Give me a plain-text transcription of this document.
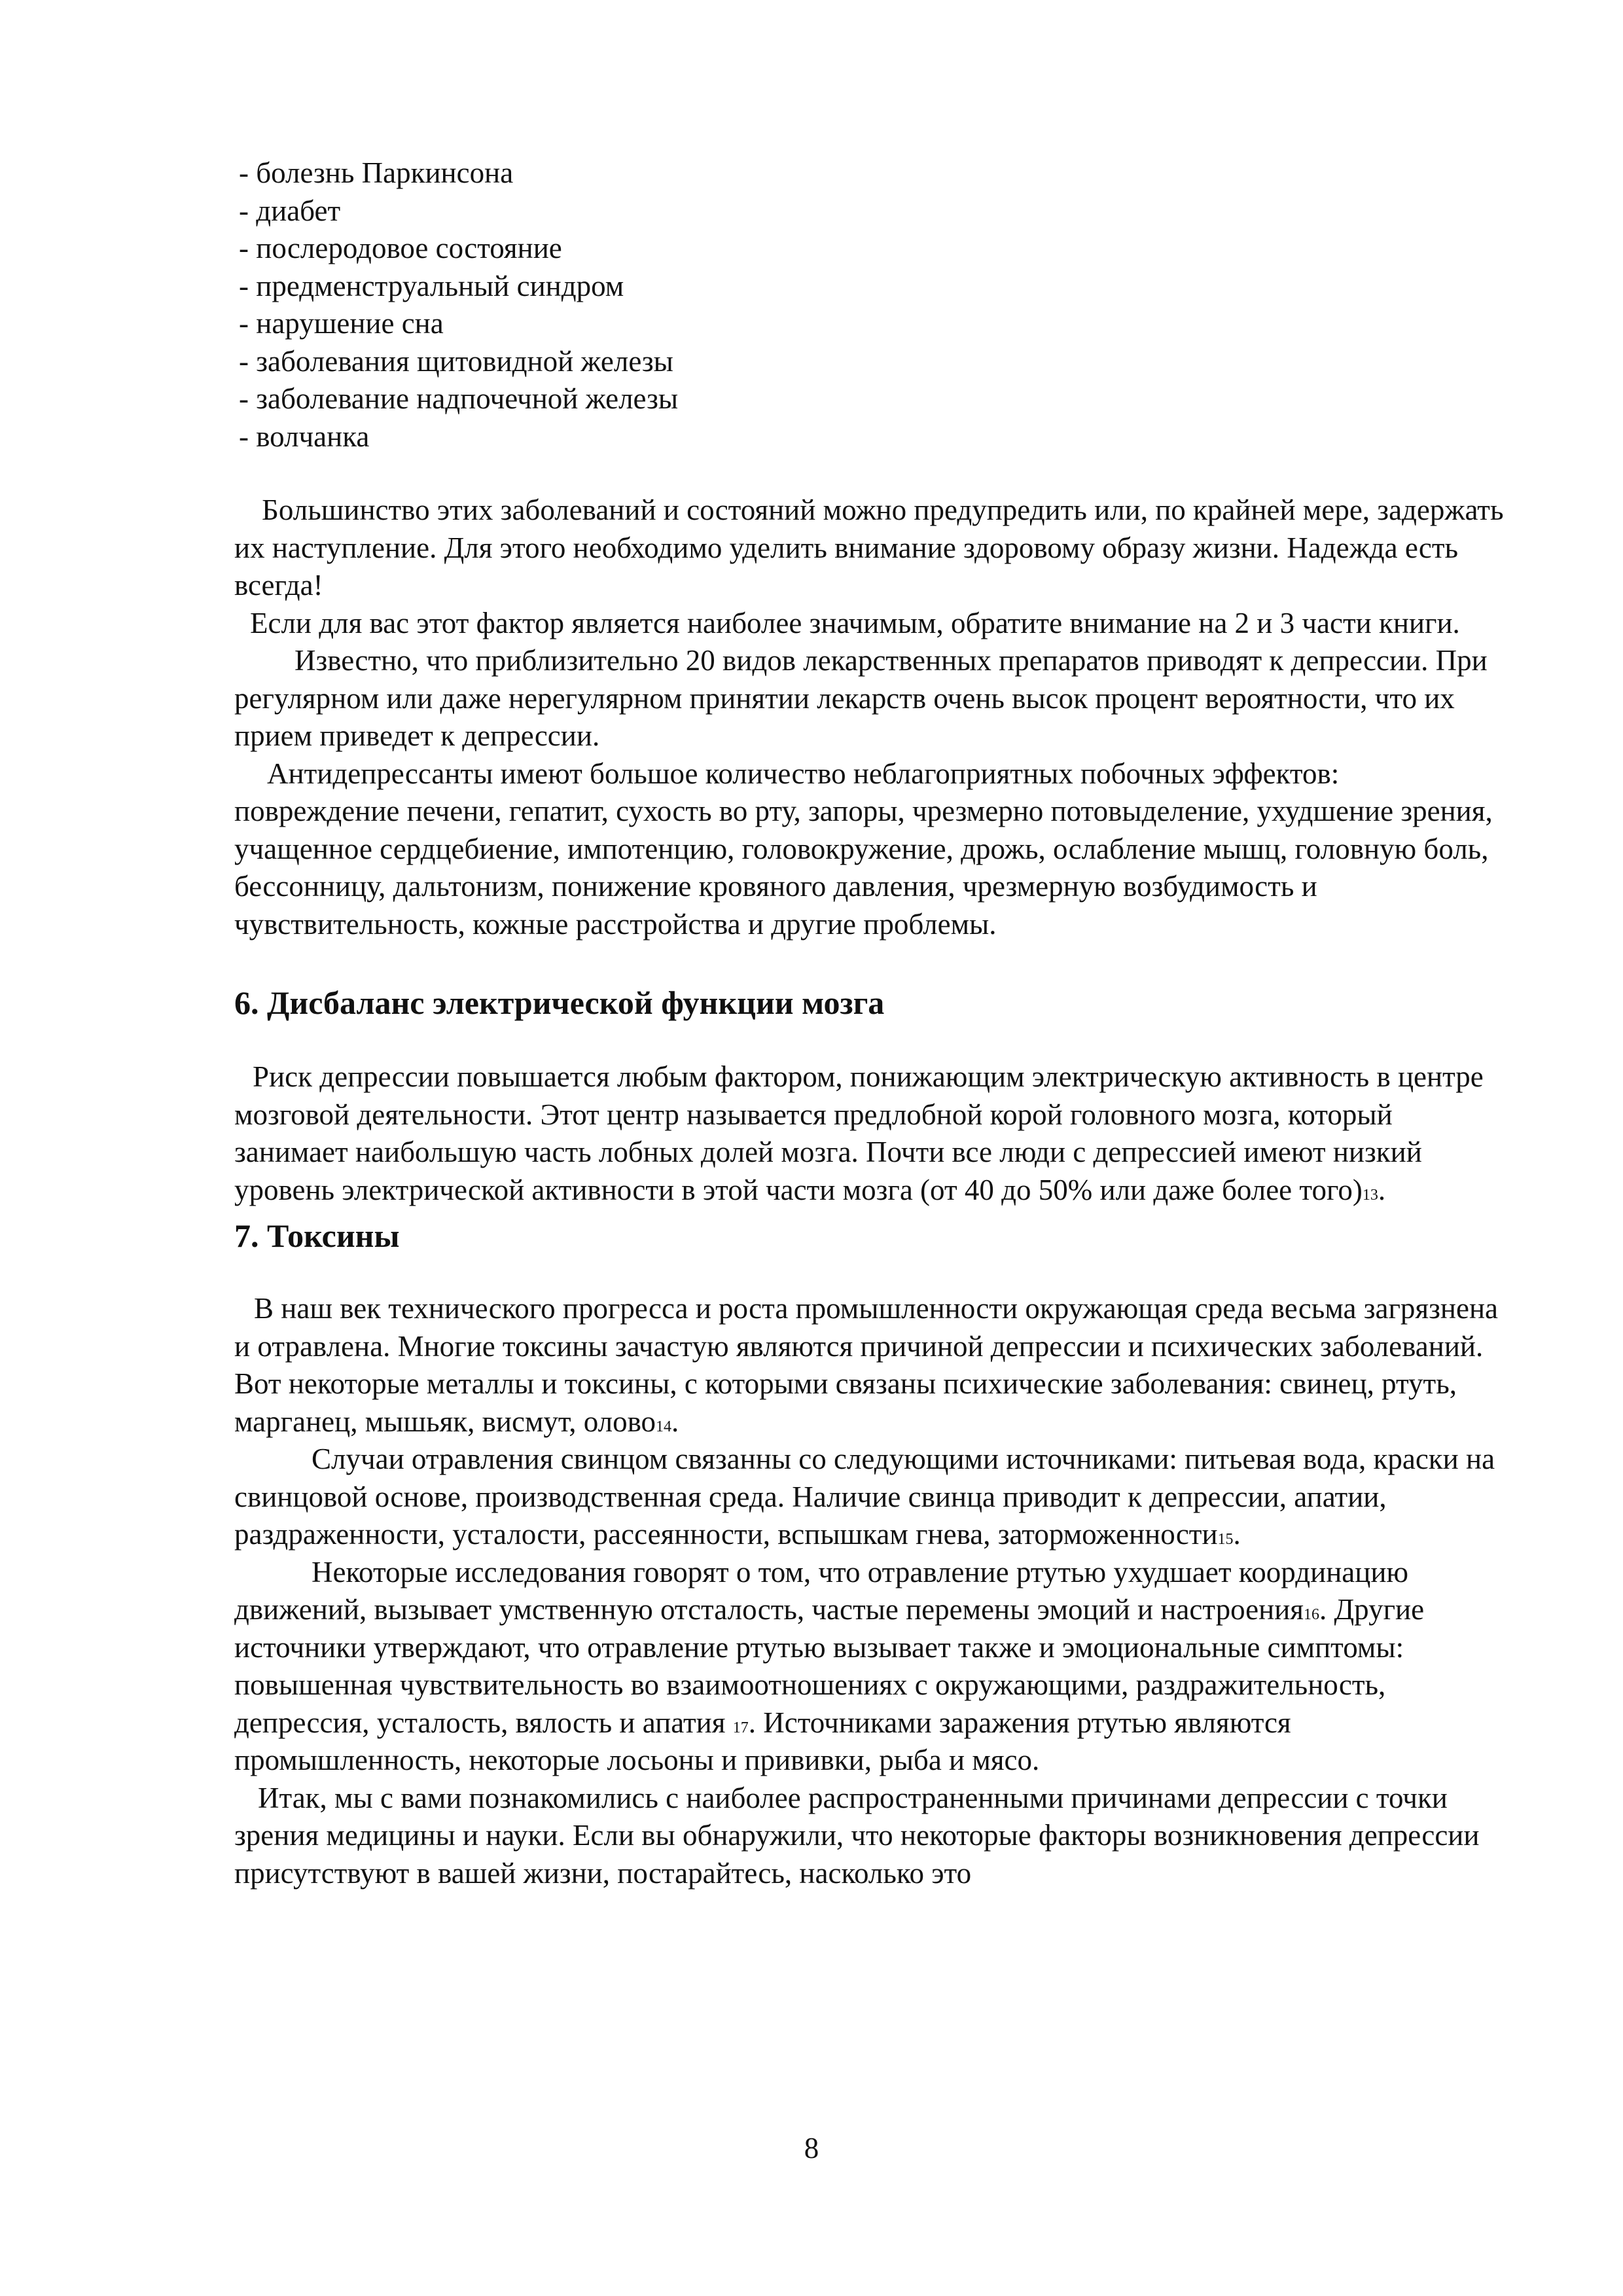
- болезнь Паркинсона
- диабет
- послеродовое состояние
- предменструальный синдром
- нарушение сна
- заболевания щитовидной железы
- заболевание надпочечной железы
- волчанка

Большинство этих заболеваний и состояний можно предупредить или, по крайней мере, задержать их наступление. Для этого необходимо уделить внимание здоровому образу жизни. Надежда есть всегда!

Если для вас этот фактор является наиболее значимым, обратите внимание на 2 и 3 части книги.

Известно, что приблизительно 20 видов лекарственных препаратов приводят к депрессии. При регулярном или даже нерегулярном принятии лекарств очень высок процент вероятности, что их прием приведет к депрессии.

Антидепрессанты имеют большое количество неблагоприятных побочных эффектов: повреждение печени, гепатит, сухость во рту, запоры, чрезмерно потовыделение, ухудшение зрения, учащенное сердцебиение, импотенцию, головокружение, дрожь, ослабление мышц, головную боль, бессонницу, дальтонизм, понижение кровяного давления, чрезмерную возбудимость и чувствительность, кожные расстройства и другие проблемы.

6. Дисбаланс электрической функции мозга

Риск депрессии повышается любым фактором, понижающим электрическую активность в центре мозговой деятельности. Этот центр называется предлобной корой головного мозга, который занимает наибольшую часть лобных долей мозга. Почти все люди с депрессией имеют низкий уровень электрической активности в этой части мозга (от 40 до 50% или даже более того)13.

7. Токсины

В наш век технического прогресса и роста промышленности окружающая среда весьма загрязнена и отравлена. Многие токсины зачастую являются причиной депрессии и психических заболеваний. Вот некоторые металлы и токсины, с которыми связаны психические заболевания: свинец, ртуть, марганец, мышьяк, висмут, олово14.

Случаи отравления свинцом связанны со следующими источниками: питьевая вода, краски на свинцовой основе, производственная среда. Наличие свинца приводит к депрессии, апатии, раздраженности, усталости, рассеянности, вспышкам гнева, заторможенности15.

Некоторые исследования говорят о том, что отравление ртутью ухудшает координацию движений, вызывает умственную отсталость, частые перемены эмоций и настроения16. Другие источники утверждают, что отравление ртутью вызывает также и эмоциональные симптомы: повышенная чувствительность во взаимоотношениях с окружающими, раздражительность, депрессия, усталость, вялость и апатия 17. Источниками заражения ртутью являются промышленность, некоторые лосьоны и прививки, рыба и мясо.

Итак, мы с вами познакомились с наиболее распространенными причинами депрессии с точки зрения медицины и науки. Если вы обнаружили, что некоторые факторы возникновения депрессии присутствуют в вашей жизни, постарайтесь, насколько это

8
